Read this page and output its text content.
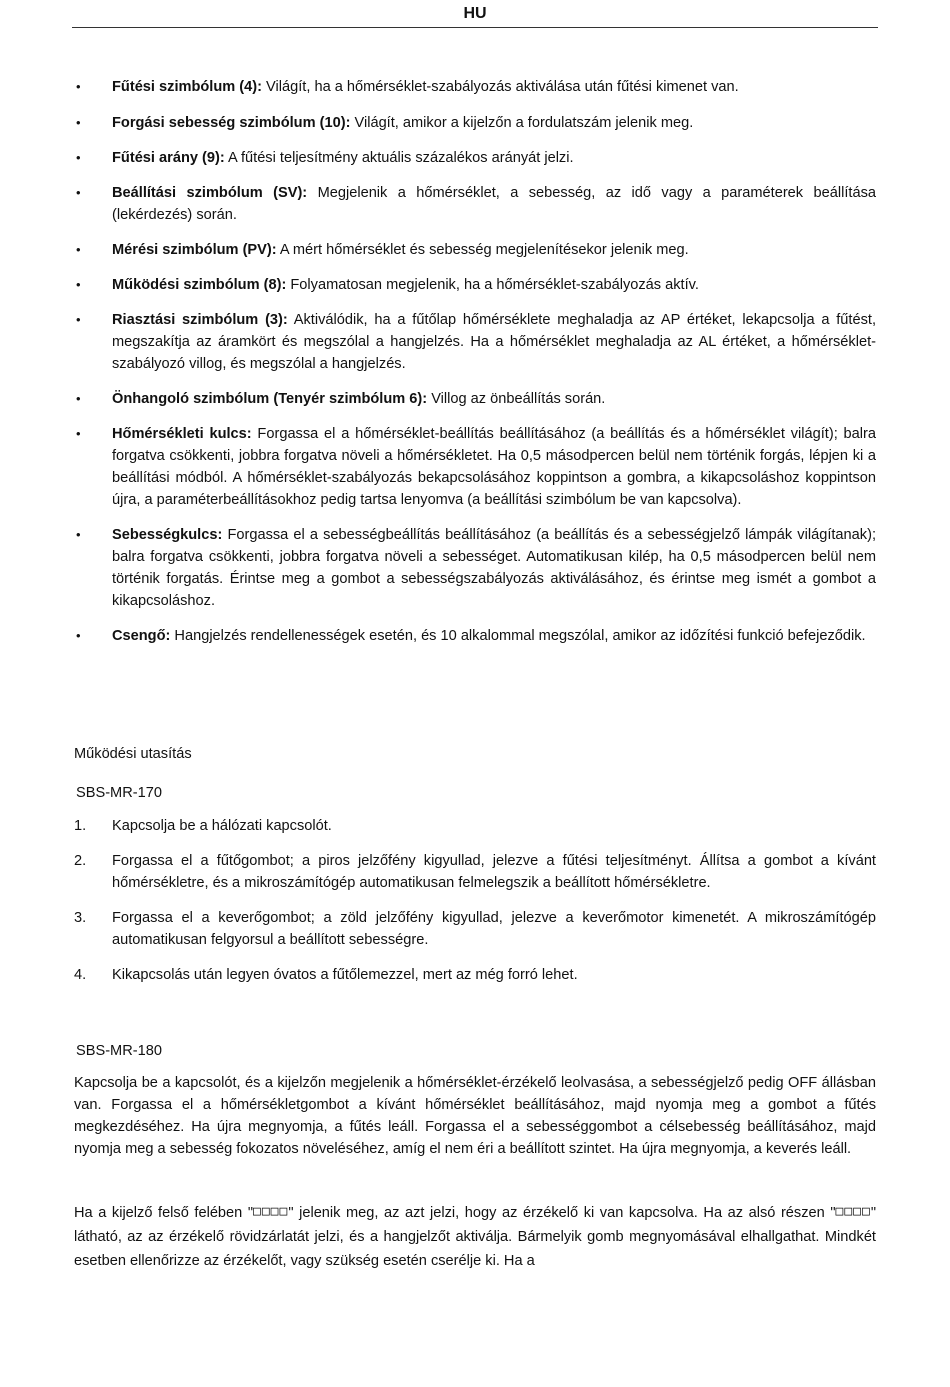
HU
• Fűtési szimbólum (4): Világít, ha a hőmérséklet-szabályozás aktiválása után fűtési kimenet van.
• Forgási sebesség szimbólum (10): Világít, amikor a kijelzőn a fordulatszám jelenik meg.
• Fűtési arány (9): A fűtési teljesítmény aktuális százalékos arányát jelzi.
• Beállítási szimbólum (SV): Megjelenik a hőmérséklet, a sebesség, az idő vagy a paraméterek beállítása (lekérdezés) során.
• Mérési szimbólum (PV): A mért hőmérséklet és sebesség megjelenítésekor jelenik meg.
• Működési szimbólum (8): Folyamatosan megjelenik, ha a hőmérséklet-szabályozás aktív.
• Riasztási szimbólum (3): Aktiválódik, ha a fűtőlap hőmérséklete meghaladja az AP értéket, lekapcsolja a fűtést, megszakítja az áramkört és megszólal a hangjelzés. Ha a hőmérséklet meghaladja az AL értéket, a hőmérséklet-szabályozó villog, és megszólal a hangjelzés.
• Önhangoló szimbólum (Tenyér szimbólum 6): Villog az önbeállítás során.
• Hőmérsékleti kulcs: Forgassa el a hőmérséklet-beállítás beállításához (a beállítás és a hőmérséklet világít); balra forgatva csökkenti, jobbra forgatva növeli a hőmérsékletet. Ha 0,5 másodpercen belül nem történik forgás, lépjen ki a beállítási módból. A hőmérséklet-szabályozás bekapcsolásához koppintson a gombra, a kikapcsoláshoz koppintson újra, a paraméterbeállításokhoz pedig tartsa lenyomva (a beállítási szimbólum be van kapcsolva).
• Sebességkulcs: Forgassa el a sebességbeállítás beállításához (a beállítás és a sebességjelző lámpák világítanak); balra forgatva csökkenti, jobbra forgatva növeli a sebességet. Automatikusan kilép, ha 0,5 másodpercen belül nem történik forgatás. Érintse meg a gombot a sebességszabályozás aktiválásához, és érintse meg ismét a gombot a kikapcsoláshoz.
• Csengő: Hangjelzés rendellenességek esetén, és 10 alkalommal megszólal, amikor az időzítési funkció befejeződik.
Működési utasítás
SBS-MR-170
1. Kapcsolja be a hálózati kapcsolót.
2. Forgassa el a fűtőgombot; a piros jelzőfény kigyullad, jelezve a fűtési teljesítményt. Állítsa a gombot a kívánt hőmérsékletre, és a mikroszámítógép automatikusan felmelegszik a beállított hőmérsékletre.
3. Forgassa el a keverőgombot; a zöld jelzőfény kigyullad, jelezve a keverőmotor kimenetét. A mikroszámítógép automatikusan felgyorsul a beállított sebességre.
4. Kikapcsolás után legyen óvatos a fűtőlemezzel, mert az még forró lehet.
SBS-MR-180
Kapcsolja be a kapcsolót, és a kijelzőn megjelenik a hőmérséklet-érzékelő leolvasása, a sebességjelző pedig OFF állásban van. Forgassa el a hőmérsékletgombot a kívánt hőmérséklet beállításához, majd nyomja meg a gombot a fűtés megkezdéséhez. Ha újra megnyomja, a fűtés leáll. Forgassa el a sebességgombot a célsebesség beállításához, majd nyomja meg a sebesség fokozatos növeléséhez, amíg el nem éri a beállított szintet. Ha újra megnyomja, a keverés leáll.
Ha a kijelző felső felében "□□□□" jelenik meg, az azt jelzi, hogy az érzékelő ki van kapcsolva. Ha az alsó részen "□□□□" látható, az az érzékelő rövidzárlatát jelzi, és a hangjelzőt aktiválja. Bármelyik gomb megnyomásával elhallgathat. Mindkét esetben ellenőrizze az érzékelőt, vagy szükség esetén cserélje ki. Ha a
